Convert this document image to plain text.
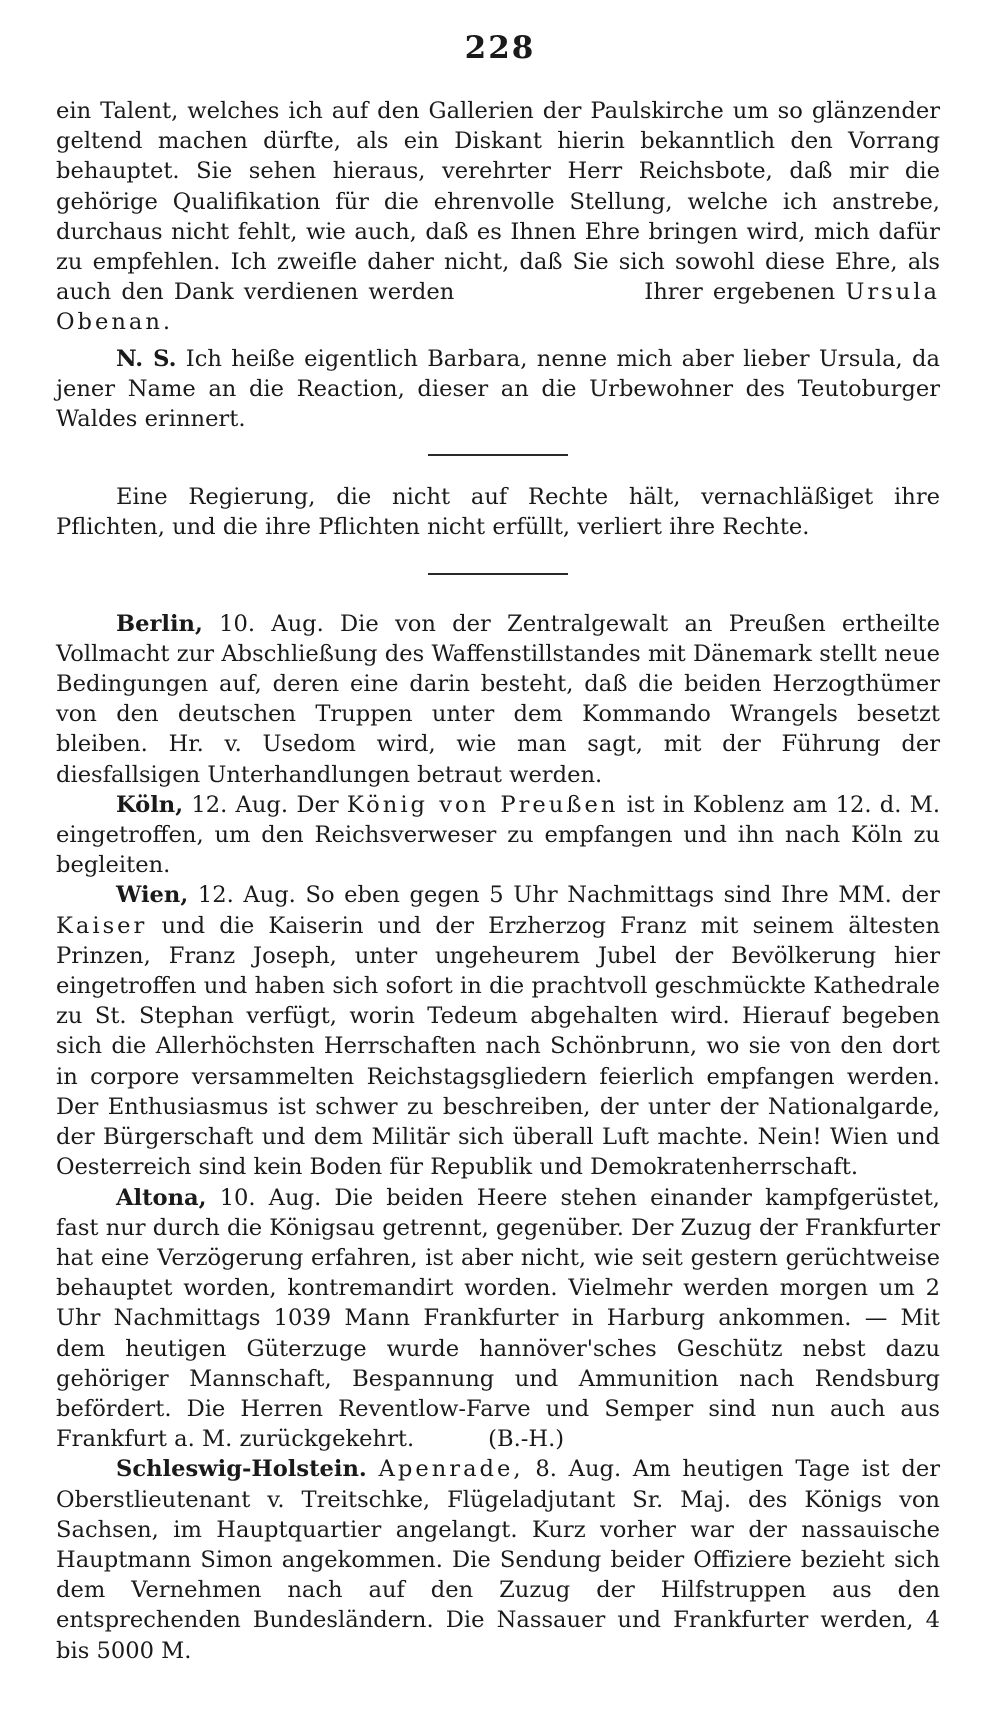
228

ein Talent, welches ich auf den Gallerien der Paulskirche um so glänzender geltend machen dürfte, als ein Diskant hierin bekanntlich den Vorrang behauptet. Sie sehen hieraus, verehrter Herr Reichsbote, daß mir die gehörige Qualifikation für die ehrenvolle Stellung, welche ich anstrebe, durchaus nicht fehlt, wie auch, daß es Ihnen Ehre bringen wird, mich dafür zu empfehlen. Ich zweifle daher nicht, daß Sie sich sowohl diese Ehre, als auch den Dank verdienen werden	Ihrer ergebenen Ursula Obenan.

N. S. Ich heiße eigentlich Barbara, nenne mich aber lieber Ursula, da jener Name an die Reaction, dieser an die Urbewohner des Teutoburger Waldes erinnert.

Eine Regierung, die nicht auf Rechte hält, vernachläßiget ihre Pflichten, und die ihre Pflichten nicht erfüllt, verliert ihre Rechte.

Berlin, 10. Aug. Die von der Zentralgewalt an Preußen ertheilte Vollmacht zur Abschließung des Waffenstillstandes mit Dänemark stellt neue Bedingungen auf, deren eine darin besteht, daß die beiden Herzogthümer von den deutschen Truppen unter dem Kommando Wrangels besetzt bleiben. Hr. v. Usedom wird, wie man sagt, mit der Führung der diesfallsigen Unterhandlungen betraut werden.

Köln, 12. Aug. Der König von Preußen ist in Koblenz am 12. d. M. eingetroffen, um den Reichsverweser zu empfangen und ihn nach Köln zu begleiten.

Wien, 12. Aug. So eben gegen 5 Uhr Nachmittags sind Ihre MM. der Kaiser und die Kaiserin und der Erzherzog Franz mit seinem ältesten Prinzen, Franz Joseph, unter ungeheurem Jubel der Bevölkerung hier eingetroffen und haben sich sofort in die prachtvoll geschmückte Kathedrale zu St. Stephan verfügt, worin Tedeum abgehalten wird. Hierauf begeben sich die Allerhöchsten Herrschaften nach Schönbrunn, wo sie von den dort in corpore versammelten Reichstagsgliedern feierlich empfangen werden. Der Enthusiasmus ist schwer zu beschreiben, der unter der Nationalgarde, der Bürgerschaft und dem Militär sich überall Luft machte. Nein! Wien und Oesterreich sind kein Boden für Republik und Demokratenherrschaft.

Altona, 10. Aug. Die beiden Heere stehen einander kampfgerüstet, fast nur durch die Königsau getrennt, gegenüber. Der Zuzug der Frankfurter hat eine Verzögerung erfahren, ist aber nicht, wie seit gestern gerüchtweise behauptet worden, kontremandirt worden. Vielmehr werden morgen um 2 Uhr Nachmittags 1039 Mann Frankfurter in Harburg ankommen. — Mit dem heutigen Güterzuge wurde hannöver'sches Geschütz nebst dazu gehöriger Mannschaft, Bespannung und Ammunition nach Rendsburg befördert. Die Herren Reventlow-Farve und Semper sind nun auch aus Frankfurt a. M. zurückgekehrt.	(B.-H.)

Schleswig-Holstein. Apenrade, 8. Aug. Am heutigen Tage ist der Oberstlieutenant v. Treitschke, Flügeladjutant Sr. Maj. des Königs von Sachsen, im Hauptquartier angelangt. Kurz vorher war der nassauische Hauptmann Simon angekommen. Die Sendung beider Offiziere bezieht sich dem Vernehmen nach auf den Zuzug der Hilfstruppen aus den entsprechenden Bundesländern. Die Nassauer und Frankfurter werden, 4 bis 5000 M.
